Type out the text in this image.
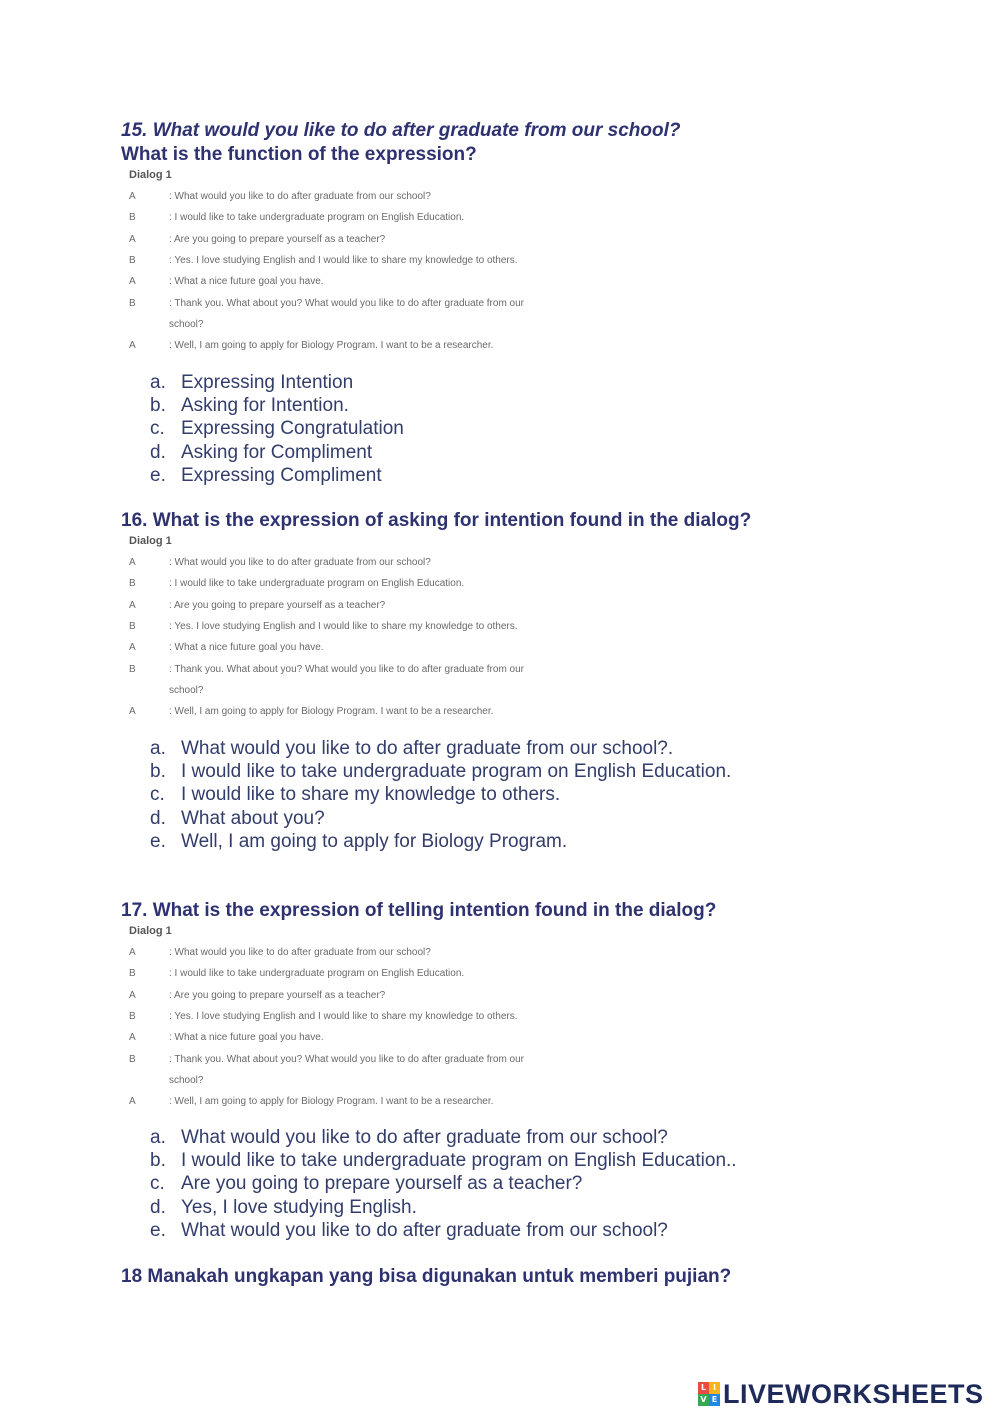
15. What would you like to do after graduate from our school?
What is the function of the expression?
Dialog 1
A	: What would you like to do after graduate from our school?
B	: I would like to take undergraduate program on English Education.
A	: Are you going to prepare yourself as a teacher?
B	: Yes. I love studying English and I would like to share my knowledge to others.
A	: What a nice future goal you have.
B	: Thank you. What about you? What would you like to do after graduate from our
school?
A	: Well, I am going to apply for Biology Program. I want to be a researcher.
a. Expressing Intention
b. Asking for Intention.
c. Expressing Congratulation
d. Asking for Compliment
e. Expressing Compliment
16. What is the expression of asking for intention found in the dialog?
Dialog 1
A	: What would you like to do after graduate from our school?
B	: I would like to take undergraduate program on English Education.
A	: Are you going to prepare yourself as a teacher?
B	: Yes. I love studying English and I would like to share my knowledge to others.
A	: What a nice future goal you have.
B	: Thank you. What about you? What would you like to do after graduate from our
school?
A	: Well, I am going to apply for Biology Program. I want to be a researcher.
a. What would you like to do after graduate from our school?.
b. I would like to take undergraduate program on English Education.
c. I would like to share my knowledge to others.
d. What about you?
e. Well, I am going to apply for Biology Program.
17. What is the expression of telling intention found in the dialog?
Dialog 1
A	: What would you like to do after graduate from our school?
B	: I would like to take undergraduate program on English Education.
A	: Are you going to prepare yourself as a teacher?
B	: Yes. I love studying English and I would like to share my knowledge to others.
A	: What a nice future goal you have.
B	: Thank you. What about you? What would you like to do after graduate from our
school?
A	: Well, I am going to apply for Biology Program. I want to be a researcher.
a. What would you like to do after graduate from our school?
b. I would like to take undergraduate program on English Education..
c. Are you going to prepare yourself as a teacher?
d. Yes, I love studying English.
e. What would you like to do after graduate from our school?
18 Manakah ungkapan yang bisa digunakan untuk memberi pujian?
L I
V E LIVEWORKSHEETS
